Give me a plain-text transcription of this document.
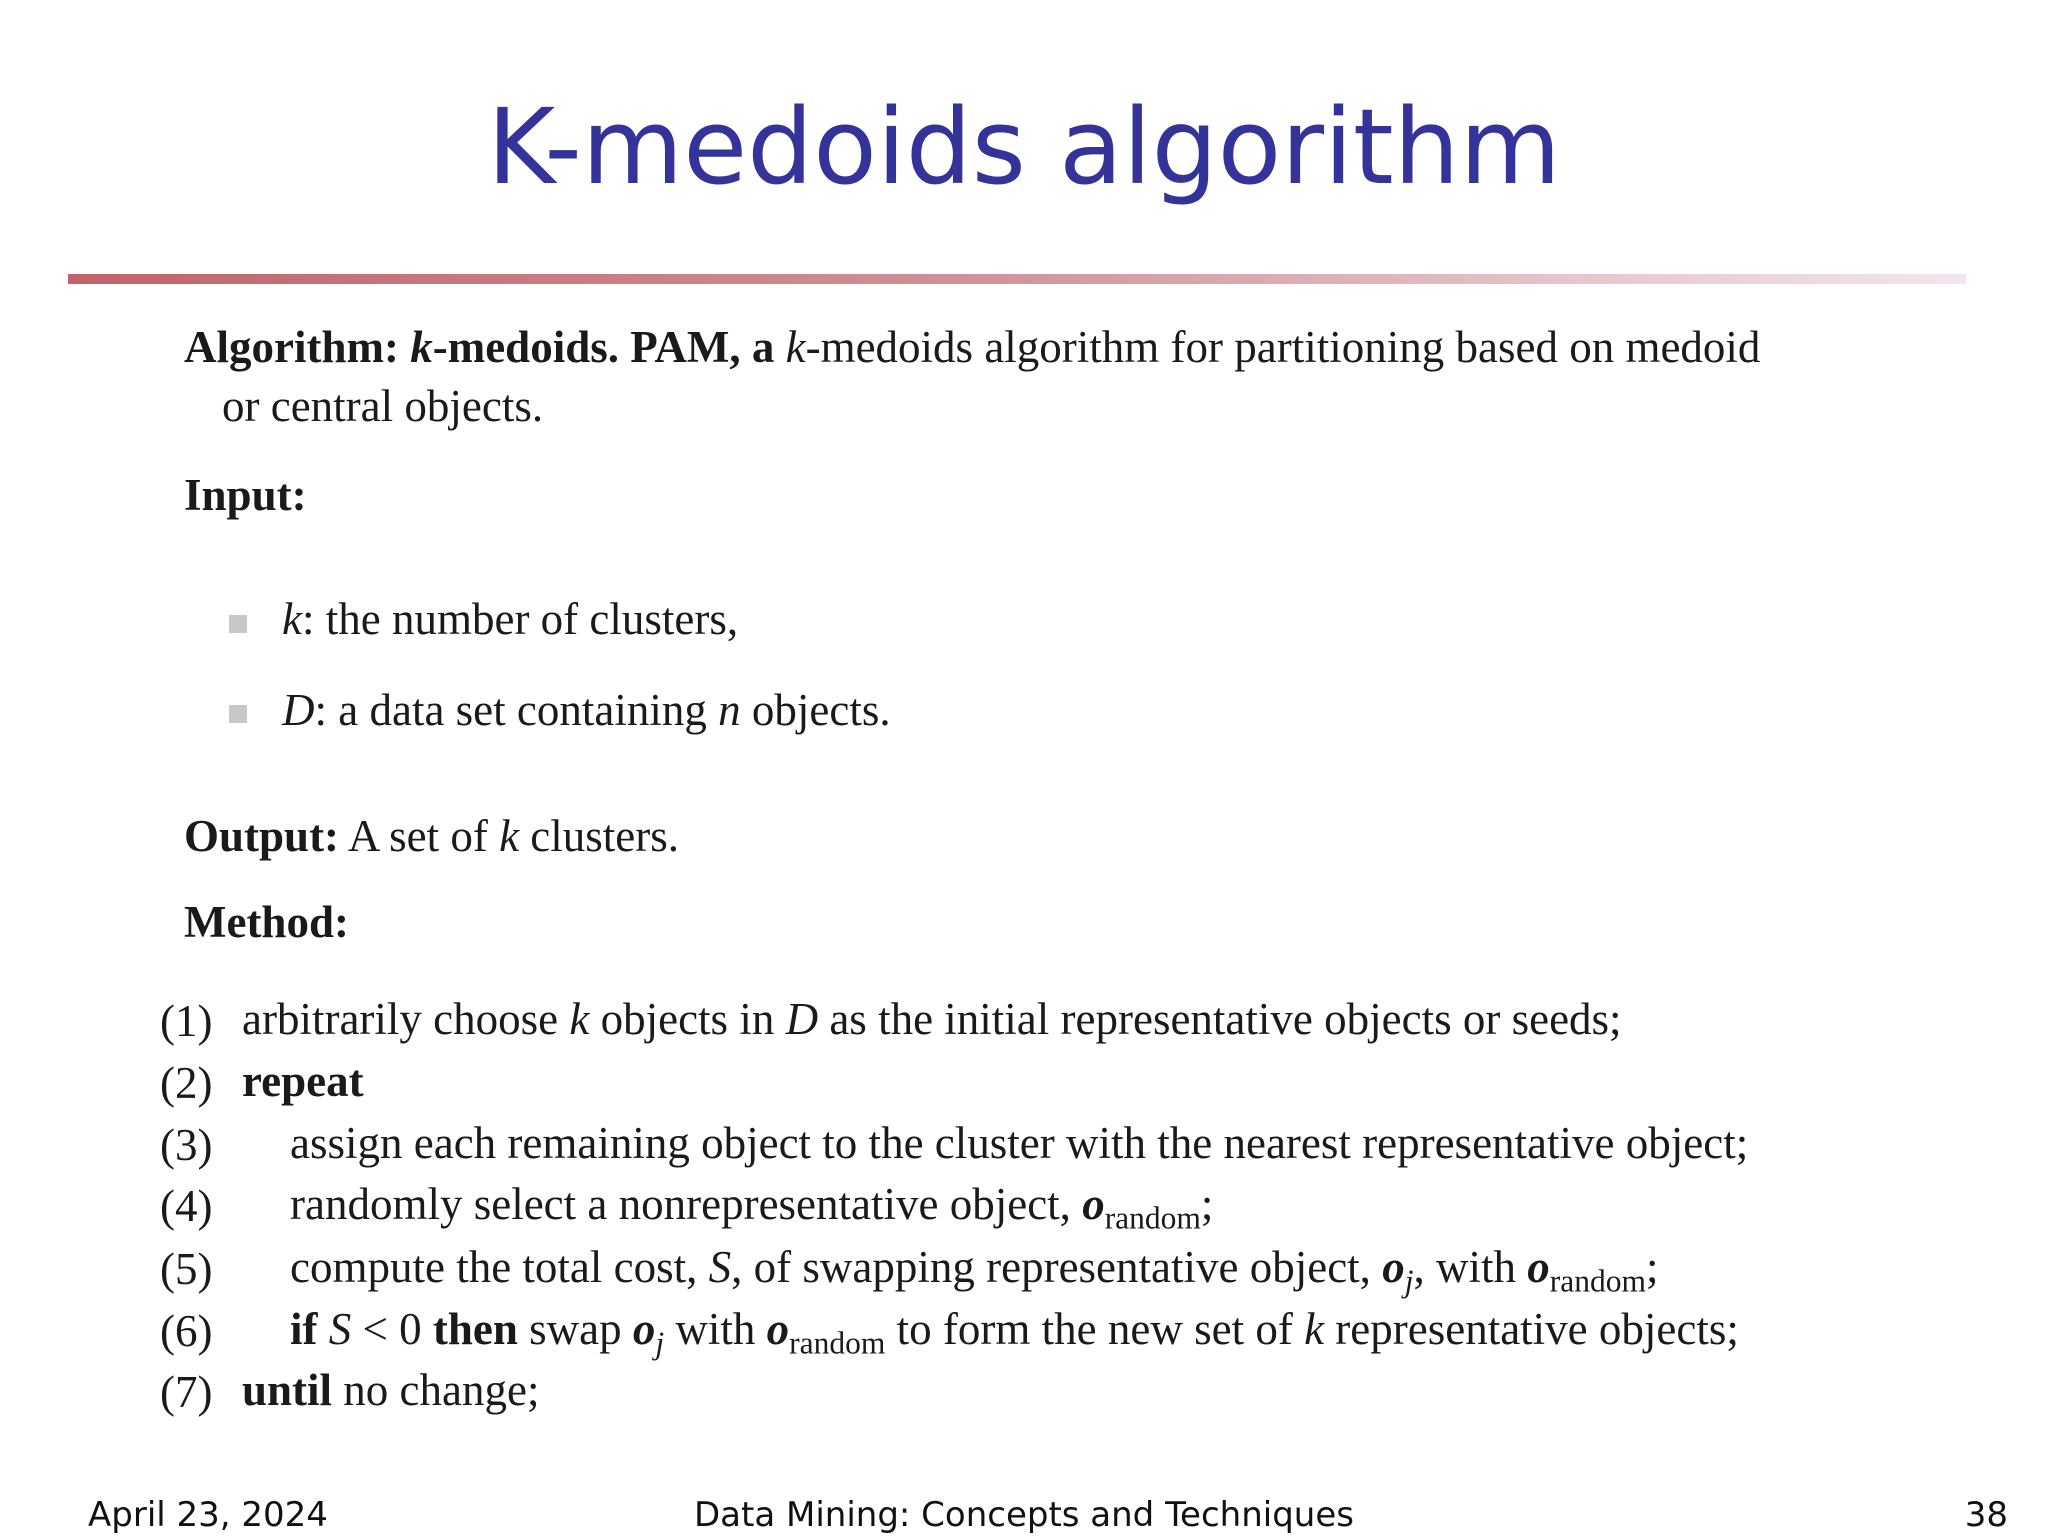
K-medoids algorithm
Algorithm: k-medoids. PAM, a k-medoids algorithm for partitioning based on medoid
or central objects.
Input:
k: the number of clusters,
D: a data set containing n objects.
Output: A set of k clusters.
Method:
(1) arbitrarily choose k objects in D as the initial representative objects or seeds;
(2) repeat
(3) assign each remaining object to the cluster with the nearest representative object;
(4) randomly select a nonrepresentative object, $o_{random}$;
(5) compute the total cost, S, of swapping representative object, $o_j$, with $o_{random}$;
(6) if S < 0 then swap $o_j$ with $o_{random}$ to form the new set of k representative objects;
(7) until no change;
April 23, 2024	Data Mining: Concepts and Techniques	38
